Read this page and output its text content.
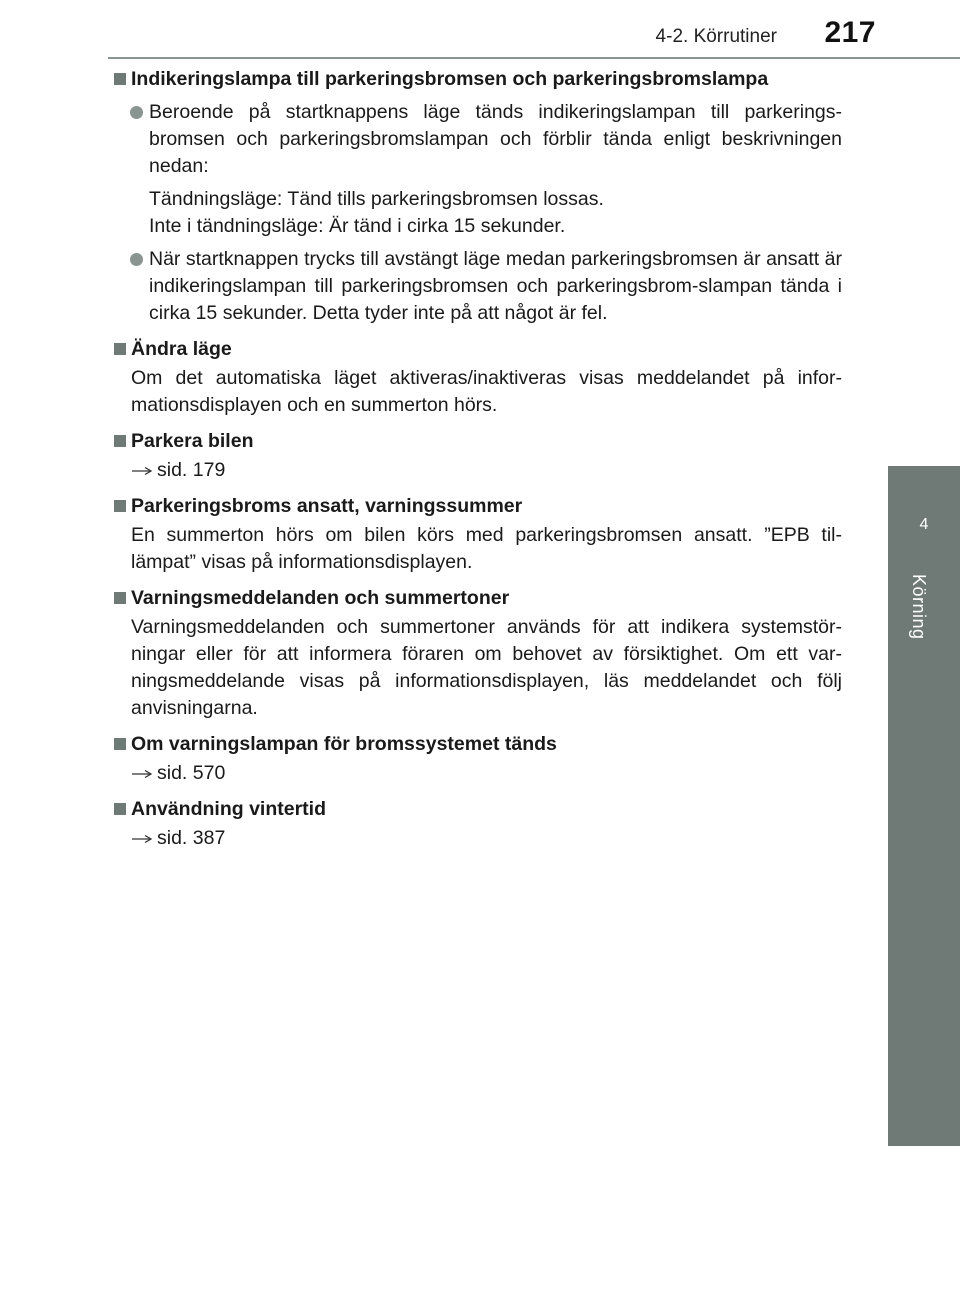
4-2. Körrutiner 217
4
Körning
Indikeringslampa till parkeringsbromsen och parkeringsbromslampa
Beroende på startknappens läge tänds indikeringslampan till parkerings-bromsen och parkeringsbromslampan och förblir tända enligt beskrivningen nedan:
Tändningsläge: Tänd tills parkeringsbromsen lossas.
Inte i tändningsläge: Är tänd i cirka 15 sekunder.
När startknappen trycks till avstängt läge medan parkeringsbromsen är ansatt är indikeringslampan till parkeringsbromsen och parkeringsbrom-slampan tända i cirka 15 sekunder. Detta tyder inte på att något är fel.
Ändra läge
Om det automatiska läget aktiveras/inaktiveras visas meddelandet på infor-mationsdisplayen och en summerton hörs.
Parkera bilen
sid. 179
Parkeringsbroms ansatt, varningssummer
En summerton hörs om bilen körs med parkeringsbromsen ansatt. ”EPB til-lämpat” visas på informationsdisplayen.
Varningsmeddelanden och summertoner
Varningsmeddelanden och summertoner används för att indikera systemstör-ningar eller för att informera föraren om behovet av försiktighet. Om ett var-ningsmeddelande visas på informationsdisplayen, läs meddelandet och följ anvisningarna.
Om varningslampan för bromssystemet tänds
sid. 570
Användning vintertid
sid. 387
